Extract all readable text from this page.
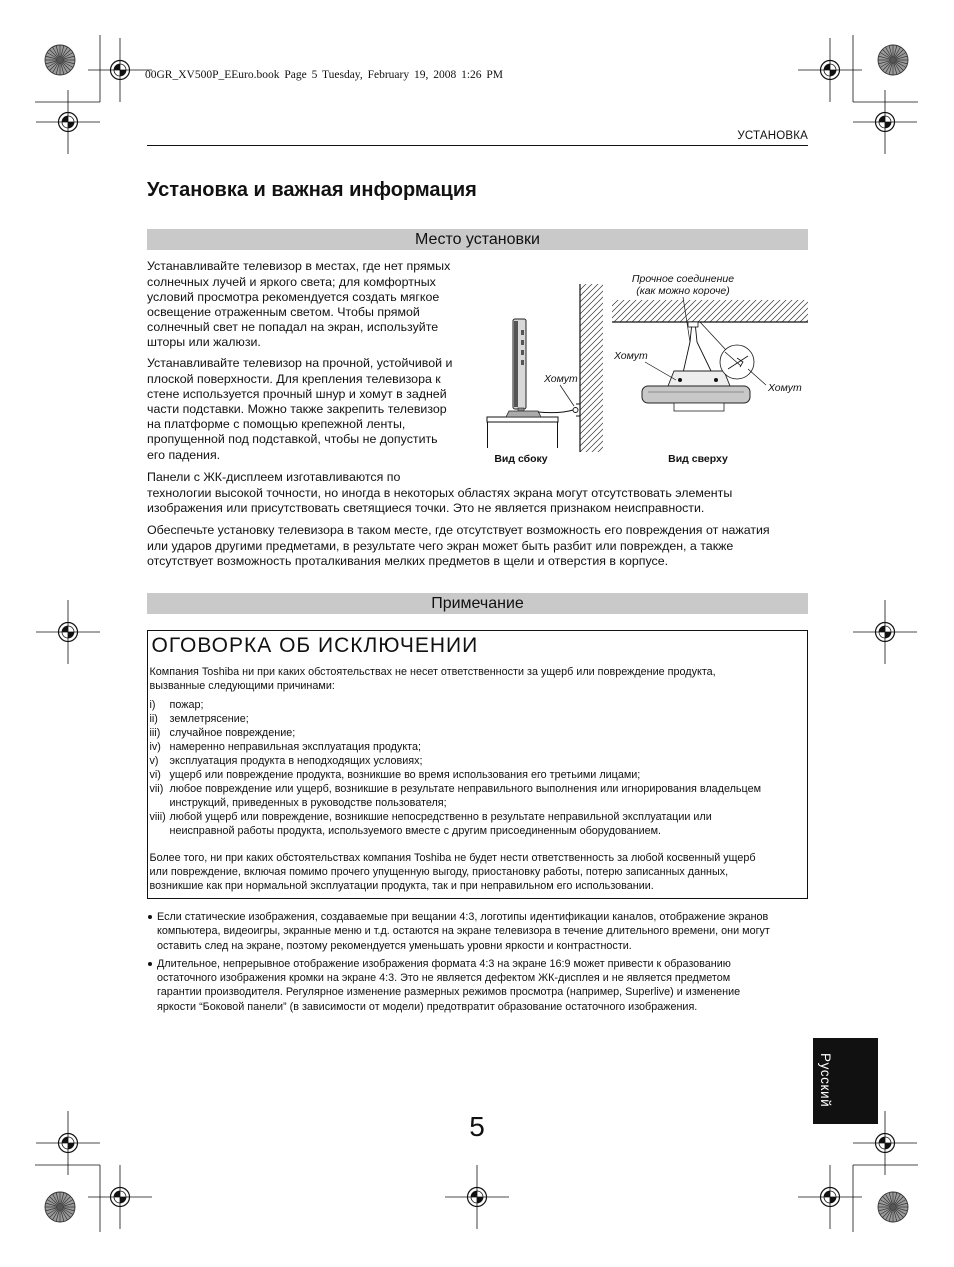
00GR_XV500P_EEuro.book Page 5 Tuesday, February 19, 2008 1:26 PM
УСТАНОВКА
Установка и важная информация
Место установки
Устанавливайте телевизор в местах, где нет прямых
солнечных лучей и яркого света; для комфортных
условий просмотра рекомендуется создать мягкое
освещение отраженным светом. Чтобы прямой
солнечный свет не попадал на экран, используйте
шторы или жалюзи.
Устанавливайте телевизор на прочной, устойчивой и
плоской поверхности. Для крепления телевизора к
стене используется прочный шнур и хомут в задней
части подставки. Можно также закрепить телевизор
на платформе с помощью крепежной ленты,
пропущенной под подставкой, чтобы не допустить
его падения.
Панели с ЖК-дисплеем изготавливаются по
технологии высокой точности, но иногда в некоторых областях экрана могут отсутствовать элементы
изображения или присутствовать светящиеся точки. Это не является признаком неисправности.
Обеспечьте установку телевизора в таком месте, где отсутствует возможность его повреждения от нажатия
или ударов другими предметами, в результате чего экран может быть разбит или поврежден, а также
отсутствует возможность проталкивания мелких предметов в щели и отверстия в корпусе.
Хомут
Прочное соединение
(как можно короче)
Хомут
Хомут
Вид сбоку	Вид сверху
Примечание
ОГОВОРКА ОБ ИСКЛЮЧЕНИИ
Компания Toshiba ни при каких обстоятельствах не несет ответственности за ущерб или повреждение продукта,
вызванные следующими причинами:
i)	пожар;
ii)	землетрясение;
iii) случайное повреждение;
iv) намеренно неправильная эксплуатация продукта;
v)	эксплуатация продукта в неподходящих условиях;
vi) ущерб или повреждение продукта, возникшие во время использования его третьими лицами;
vii) любое повреждение или ущерб, возникшие в результате неправильного выполнения или игнорирования владельцем
инструкций, приведенных в руководстве пользователя;
viii) любой ущерб или повреждение, возникшие непосредственно в результате неправильной эксплуатации или
неисправной работы продукта, используемого вместе с другим присоединенным оборудованием.
Более того, ни при каких обстоятельствах компания Toshiba не будет нести ответственность за любой косвенный ущерб
или повреждение, включая помимо прочего упущенную выгоду, приостановку работы, потерю записанных данных,
возникшие как при нормальной эксплуатации продукта, так и при неправильном его использовании.
Если статические изображения, создаваемые при вещании 4:3, логотипы идентификации каналов, отображение экранов
компьютера, видеоигры, экранные меню и т.д. остаются на экране телевизора в течение длительного времени, они могут
оставить след на экране, поэтому рекомендуется уменьшать уровни яркости и контрастности.
Длительное, непрерывное отображение изображения формата 4:3 на экране 16:9 может привести к образованию
остаточного изображения кромки на экране 4:3. Это не является дефектом ЖК-дисплея и не является предметом
гарантии производителя. Регулярное изменение размерных режимов просмотра (например, Superlive) и изменение
яркости “Боковой панели” (в зависимости от модели) предотвратит образование остаточного изображения.
Русский
5
